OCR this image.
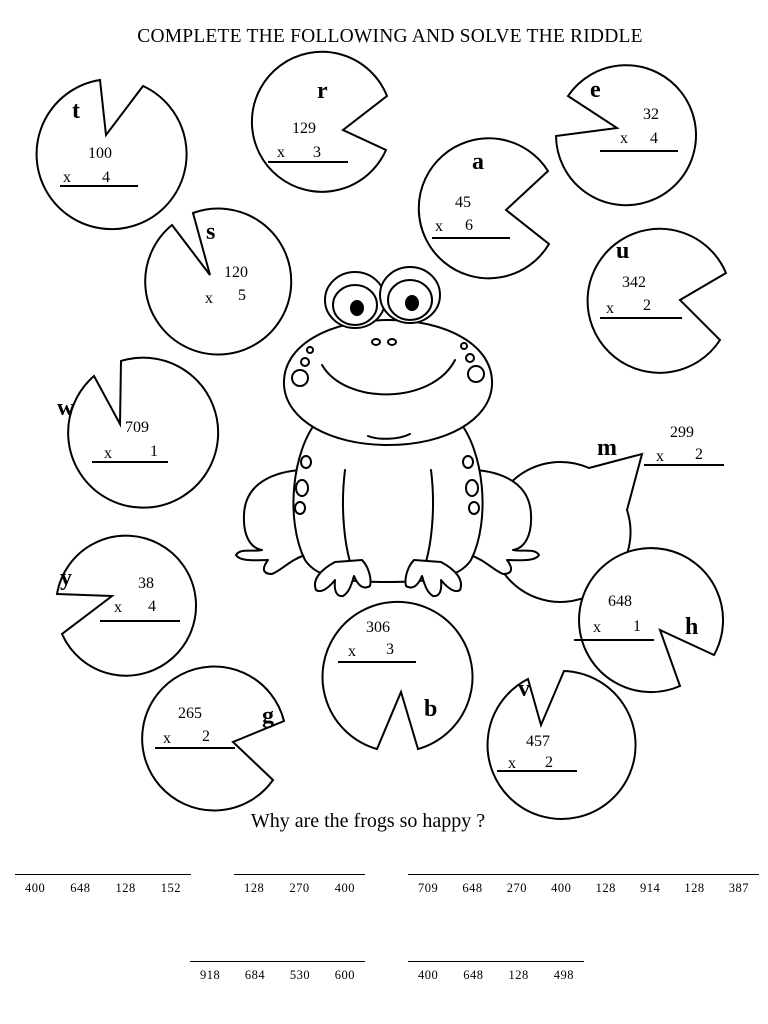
COMPLETE THE FOLLOWING AND SOLVE THE RIDDLE
t
100
x 4
r
129
x 3
e
32
x 4
a
45
x 6
s
120
x 5
u
342
x 2
w
709
x 1	m
299
x 2
y	38
x 4
h
648
x 1
b
306
x 3
g
265
x 2
v
457
x 2
Why are the frogs so happy ?
400 648 128 152	128 270 400	709 648 270 400 128 914 128 387
918 684 530 600	400 648 128 498
